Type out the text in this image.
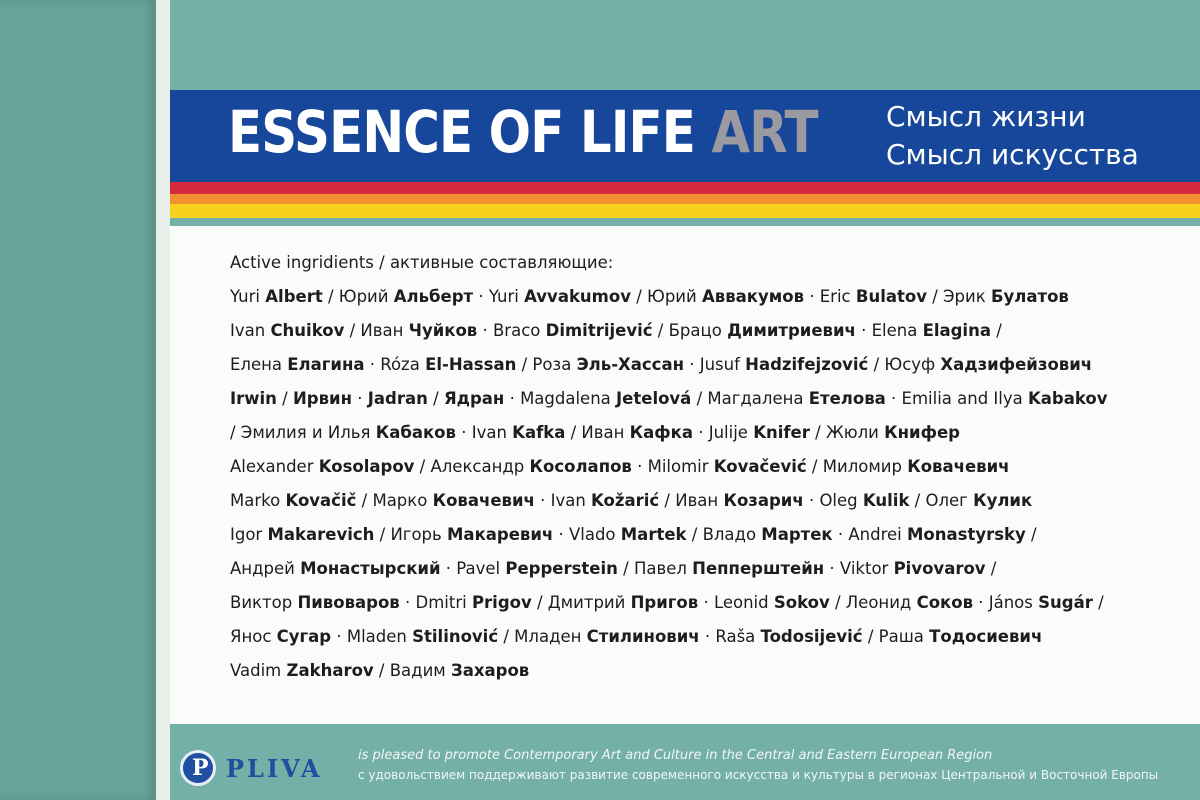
ESSENCE OF LIFE ART Смысл жизни
Смысл искусства

Active ingridients / активные составляющие:

Yuri Albert / Юрий Альберт · Yuri Avvakumov / Юрий Аввакумов · Eric Bulatov / Эрик Булатов

Ivan Chuikov / Иван Чуйков · Braco Dimitrijević / Брацо Димитриевич · Elena Elagina /

Елена Елагина · Róza El-Hassan / Роза Эль-Хассан · Jusuf Hadzifejzović / Юсуф Хадзифейзович

Irwin / Ирвин · Jadran / Ядран · Magdalena Jetelová / Магдалена Етелова · Emilia and Ilya Kabakov

/ Эмилия и Илья Кабаков · Ivan Kafka / Иван Кафка · Julije Knifer / Жюли Книфер

Alexander Kosolapov / Александр Косолапов · Milomir Kovačević / Миломир Ковачевич

Marko Kovačič / Марко Ковачевич · Ivan Kožarić / Иван Козарич · Oleg Kulik / Олег Кулик

Igor Makarevich / Игорь Макаревич · Vlado Martek / Владо Мартек · Andrei Monastyrsky /

Андрей Монастырский · Pavel Pepperstein / Павел Пепперштейн · Viktor Pivovarov /

Виктор Пивоваров · Dmitri Prigov / Дмитрий Пригов · Leonid Sokov / Леонид Соков · János Sugár /

Янос Сугар · Mladen Stilinović / Младен Стилинович · Raša Todosijević / Раша Тодосиевич

Vadim Zakharov / Вадим Захаров

P
PLIVA	is pleased to promote Contemporary Art and Culture in the Central and Eastern European Region
с удовольствием поддерживают развитие современного искусства и культуры в регионах Центральной и Восточной Европы
